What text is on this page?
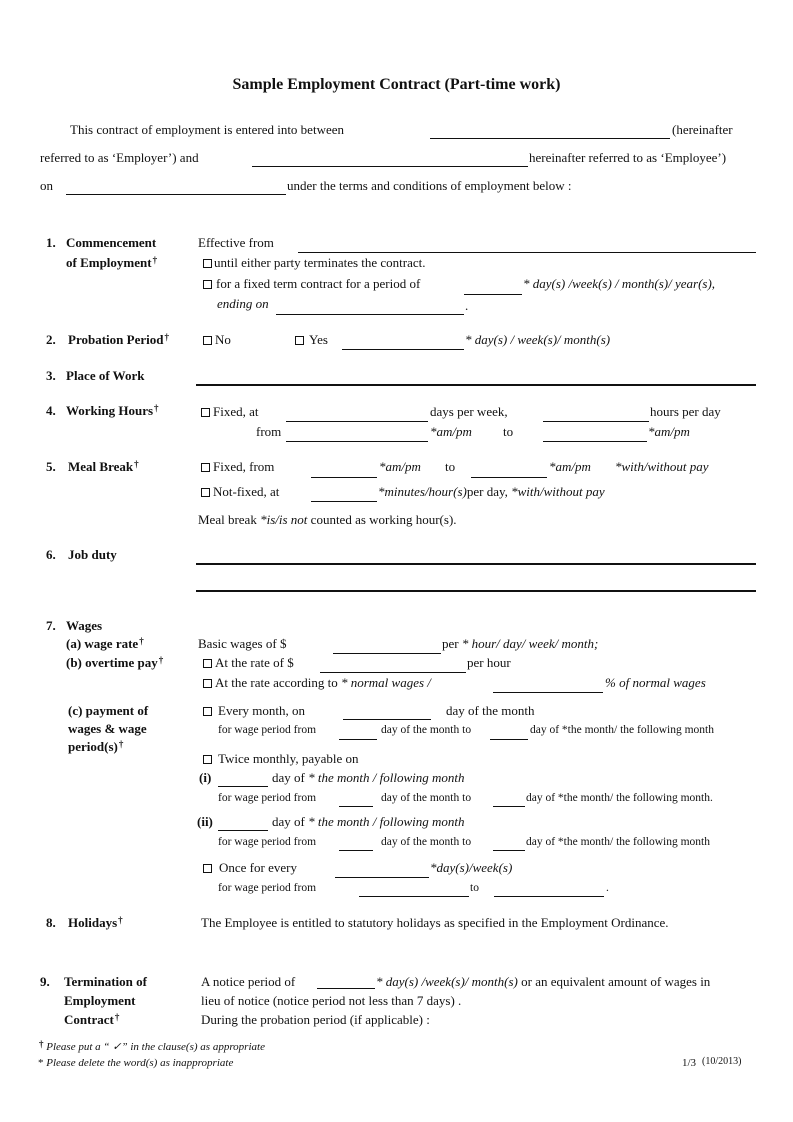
Sample Employment Contract (Part-time work)
This contract of employment is entered into between	(hereinafter
referred to as ‘Employer’) and	hereinafter referred to as ‘Employee’)
on	under the terms and conditions of employment below :
1. Commencement
of Employment†
Effective from
until either party terminates the contract.
for a fixed term contract for a period of	* day(s) /week(s) / month(s)/ year(s),
ending on	.
2. Probation Period†	No	Yes	* day(s) / week(s)/ month(s)
3. Place of Work
4. Working Hours†	Fixed, at	days per week,	hours per day
from	*am/pm to	*am/pm
5. Meal Break†	Fixed, from	*am/pm to	*am/pm *with/without pay
Not-fixed, at	*minutes/hour(s)per day, *with/without pay
Meal break *is/is not counted as working hour(s).
6. Job duty
7. Wages
(a) wage rate†
(b) overtime pay†
Basic wages of $	per * hour/ day/ week/ month;
At the rate of $	per hour
At the rate according to * normal wages /	% of normal wages
(c) payment of
wages & wage
period(s)†
Every month, on	day of the month
for wage period from	day of the month to	day of *the month/ the following month
Twice monthly, payable on
(i)	day of * the month / following month
for wage period from	day of the month to	day of *the month/ the following month.
(ii)	day of * the month / following month
for wage period from	day of the month to	day of *the month/ the following month
Once for every	*day(s)/week(s)
for wage period from	to	.
8. Holidays†	The Employee is entitled to statutory holidays as specified in the Employment Ordinance.
9. Termination of
Employment
Contract†
A notice period of	* day(s) /week(s)/ month(s) or an equivalent amount of wages in
lieu of notice (notice period not less than 7 days) .
During the probation period (if applicable) :
† Please put a “ ✓” in the clause(s) as appropriate
* Please delete the word(s) as inappropriate	1/3 (10/2013)
